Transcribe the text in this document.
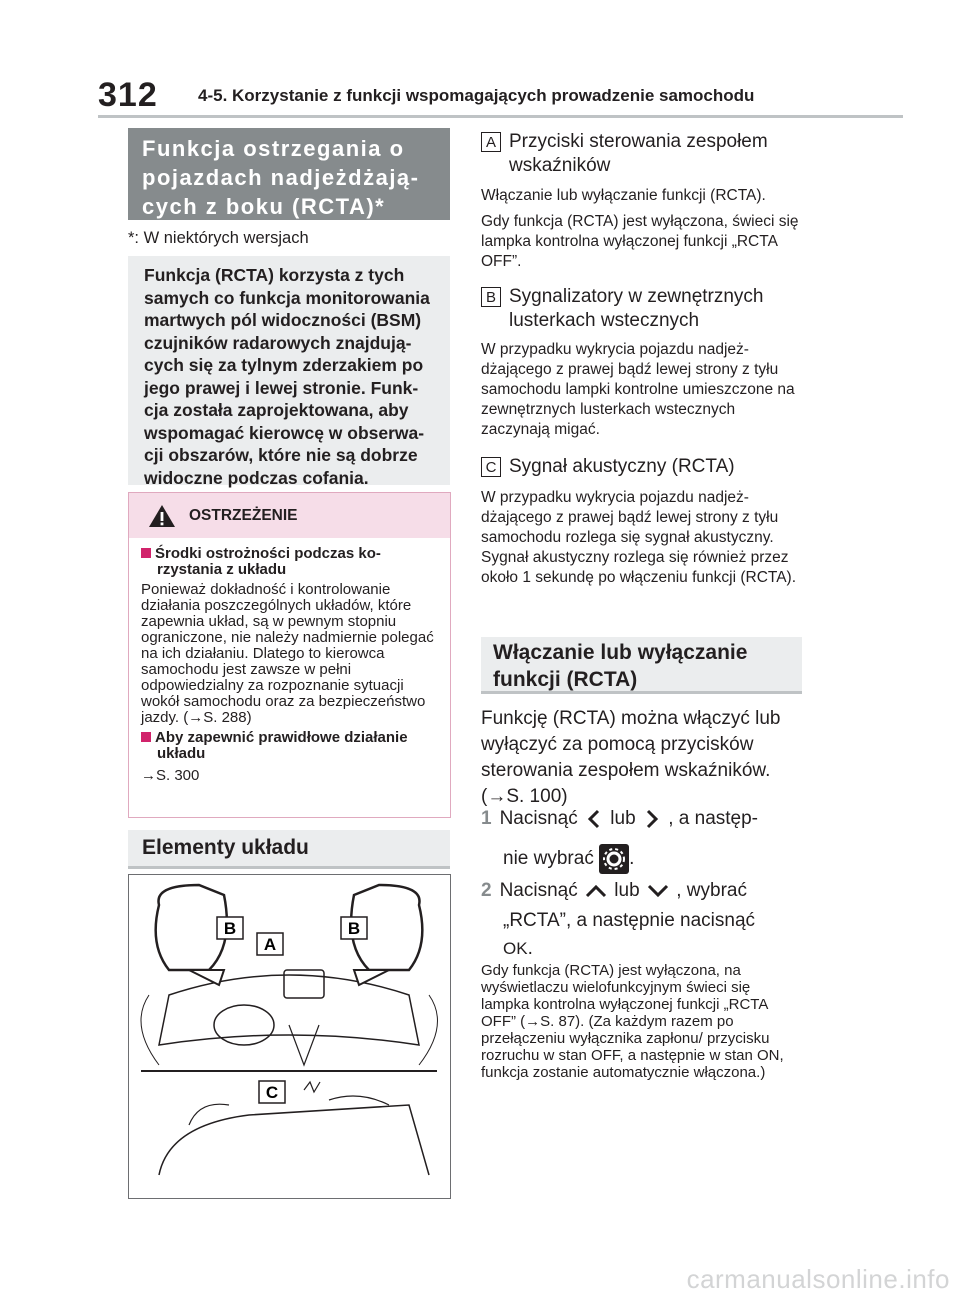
312 4-5. Korzystanie z funkcji wspomagających prowadzenie samochodu
Funkcja ostrzegania o pojazdach nadjeżdżających z boku (RCTA)*
*: W niektórych wersjach
Funkcja (RCTA) korzysta z tych samych co funkcja monitorowania martwych pól widoczności (BSM) czujników radarowych znajdujących się za tylnym zderzakiem po jego prawej i lewej stronie. Funkcja została zaprojektowana, aby wspomagać kierowcę w obserwacji obszarów, które nie są dobrze widoczne podczas cofania.
OSTRZEŻENIE
Środki ostrożności podczas korzystania z układu
Ponieważ dokładność i kontrolowanie działania poszczególnych układów, które zapewnia układ, są w pewnym stopniu ograniczone, nie należy nadmiernie polegać na ich działaniu. Dlatego to kierowca samochodu jest zawsze w pełni odpowiedzialny za rozpoznanie sytuacji wokół samochodu oraz za bezpieczeństwo jazdy. (→S. 288)
Aby zapewnić prawidłowe działanie układu
→S. 300
Elementy układu
B
A
B
C
A Przyciski sterowania zespołem wskaźników
Włączanie lub wyłączanie funkcji (RCTA).
Gdy funkcja (RCTA) jest wyłączona, świeci się lampka kontrolna wyłączonej funkcji „RCTA OFF”.
B Sygnalizatory w zewnętrznych lusterkach wstecznych
W przypadku wykrycia pojazdu nadjeżdżającego z prawej bądź lewej strony z tyłu samochodu lampki kontrolne umieszczone na zewnętrznych lusterkach wstecznych zaczynają migać.
C Sygnał akustyczny (RCTA)
W przypadku wykrycia pojazdu nadjeżdżającego z prawej bądź lewej strony z tyłu samochodu rozlega się sygnał akustyczny. Sygnał akustyczny rozlega się również przez około 1 sekundę po włączeniu funkcji (RCTA).
Włączanie lub wyłączanie funkcji (RCTA)
Funkcję (RCTA) można włączyć lub wyłączyć za pomocą przycisków sterowania zespołem wskaźników. (→S. 100)
1 Nacisnąć lub , a następ-
nie wybrać .
2 Nacisnąć lub , wybrać
„RCTA”, a następnie nacisnąć
OK.
Gdy funkcja (RCTA) jest wyłączona, na wyświetlaczu wielofunkcyjnym świeci się lampka kontrolna wyłączonej funkcji „RCTA OFF” (→S. 87). (Za każdym razem po przełączeniu wyłącznika zapłonu/ przycisku rozruchu w stan OFF, a następnie w stan ON, funkcja zostanie automatycznie włączona.)
carmanualsonline.info
